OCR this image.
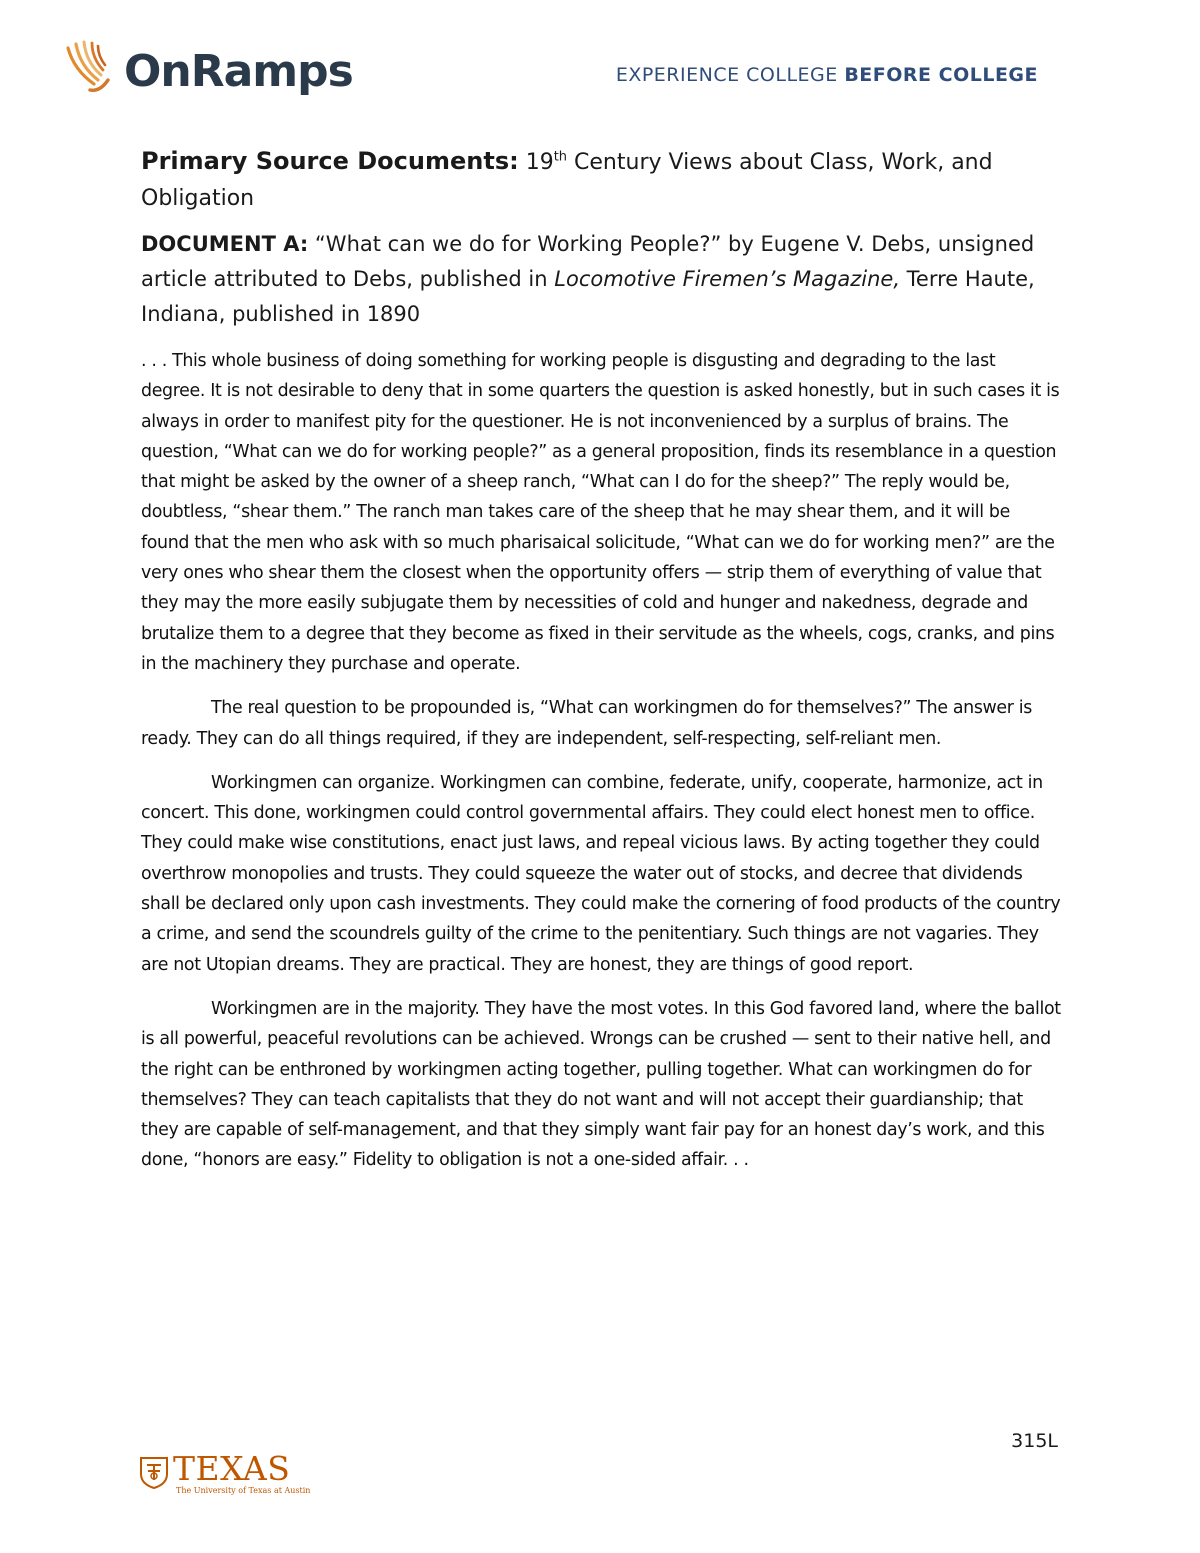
OnRamps	EXPERIENCE COLLEGE BEFORE COLLEGE
Primary Source Documents: 19th Century Views about Class, Work, and Obligation
DOCUMENT A: “What can we do for Working People?” by Eugene V. Debs, unsigned article attributed to Debs, published in Locomotive Firemen’s Magazine, Terre Haute, Indiana, published in 1890

. . . This whole business of doing something for working people is disgusting and degrading to the last degree. It is not desirable to deny that in some quarters the question is asked honestly, but in such cases it is always in order to manifest pity for the questioner. He is not inconvenienced by a surplus of brains. The question, “What can we do for working people?” as a general proposition, finds its resemblance in a question that might be asked by the owner of a sheep ranch, “What can I do for the sheep?” The reply would be, doubtless, “shear them.” The ranch man takes care of the sheep that he may shear them, and it will be found that the men who ask with so much pharisaical solicitude, “What can we do for working men?” are the very ones who shear them the closest when the opportunity offers — strip them of everything of value that they may the more easily subjugate them by necessities of cold and hunger and nakedness, degrade and brutalize them to a degree that they become as fixed in their servitude as the wheels, cogs, cranks, and pins in the machinery they purchase and operate.

The real question to be propounded is, “What can workingmen do for themselves?” The answer is ready. They can do all things required, if they are independent, self-respecting, self-reliant men.

Workingmen can organize. Workingmen can combine, federate, unify, cooperate, harmonize, act in concert. This done, workingmen could control governmental affairs. They could elect honest men to office. They could make wise constitutions, enact just laws, and repeal vicious laws. By acting together they could overthrow monopolies and trusts. They could squeeze the water out of stocks, and decree that dividends shall be declared only upon cash investments. They could make the cornering of food products of the country a crime, and send the scoundrels guilty of the crime to the penitentiary. Such things are not vagaries. They are not Utopian dreams. They are practical. They are honest, they are things of good report.

Workingmen are in the majority. They have the most votes. In this God favored land, where the ballot is all powerful, peaceful revolutions can be achieved. Wrongs can be crushed — sent to their native hell, and the right can be enthroned by workingmen acting together, pulling together. What can workingmen do for themselves? They can teach capitalists that they do not want and will not accept their guardianship; that they are capable of self-management, and that they simply want fair pay for an honest day’s work, and this done, “honors are easy.” Fidelity to obligation is not a one-sided affair. . .

315L
TEXAS
The University of Texas at Austin
